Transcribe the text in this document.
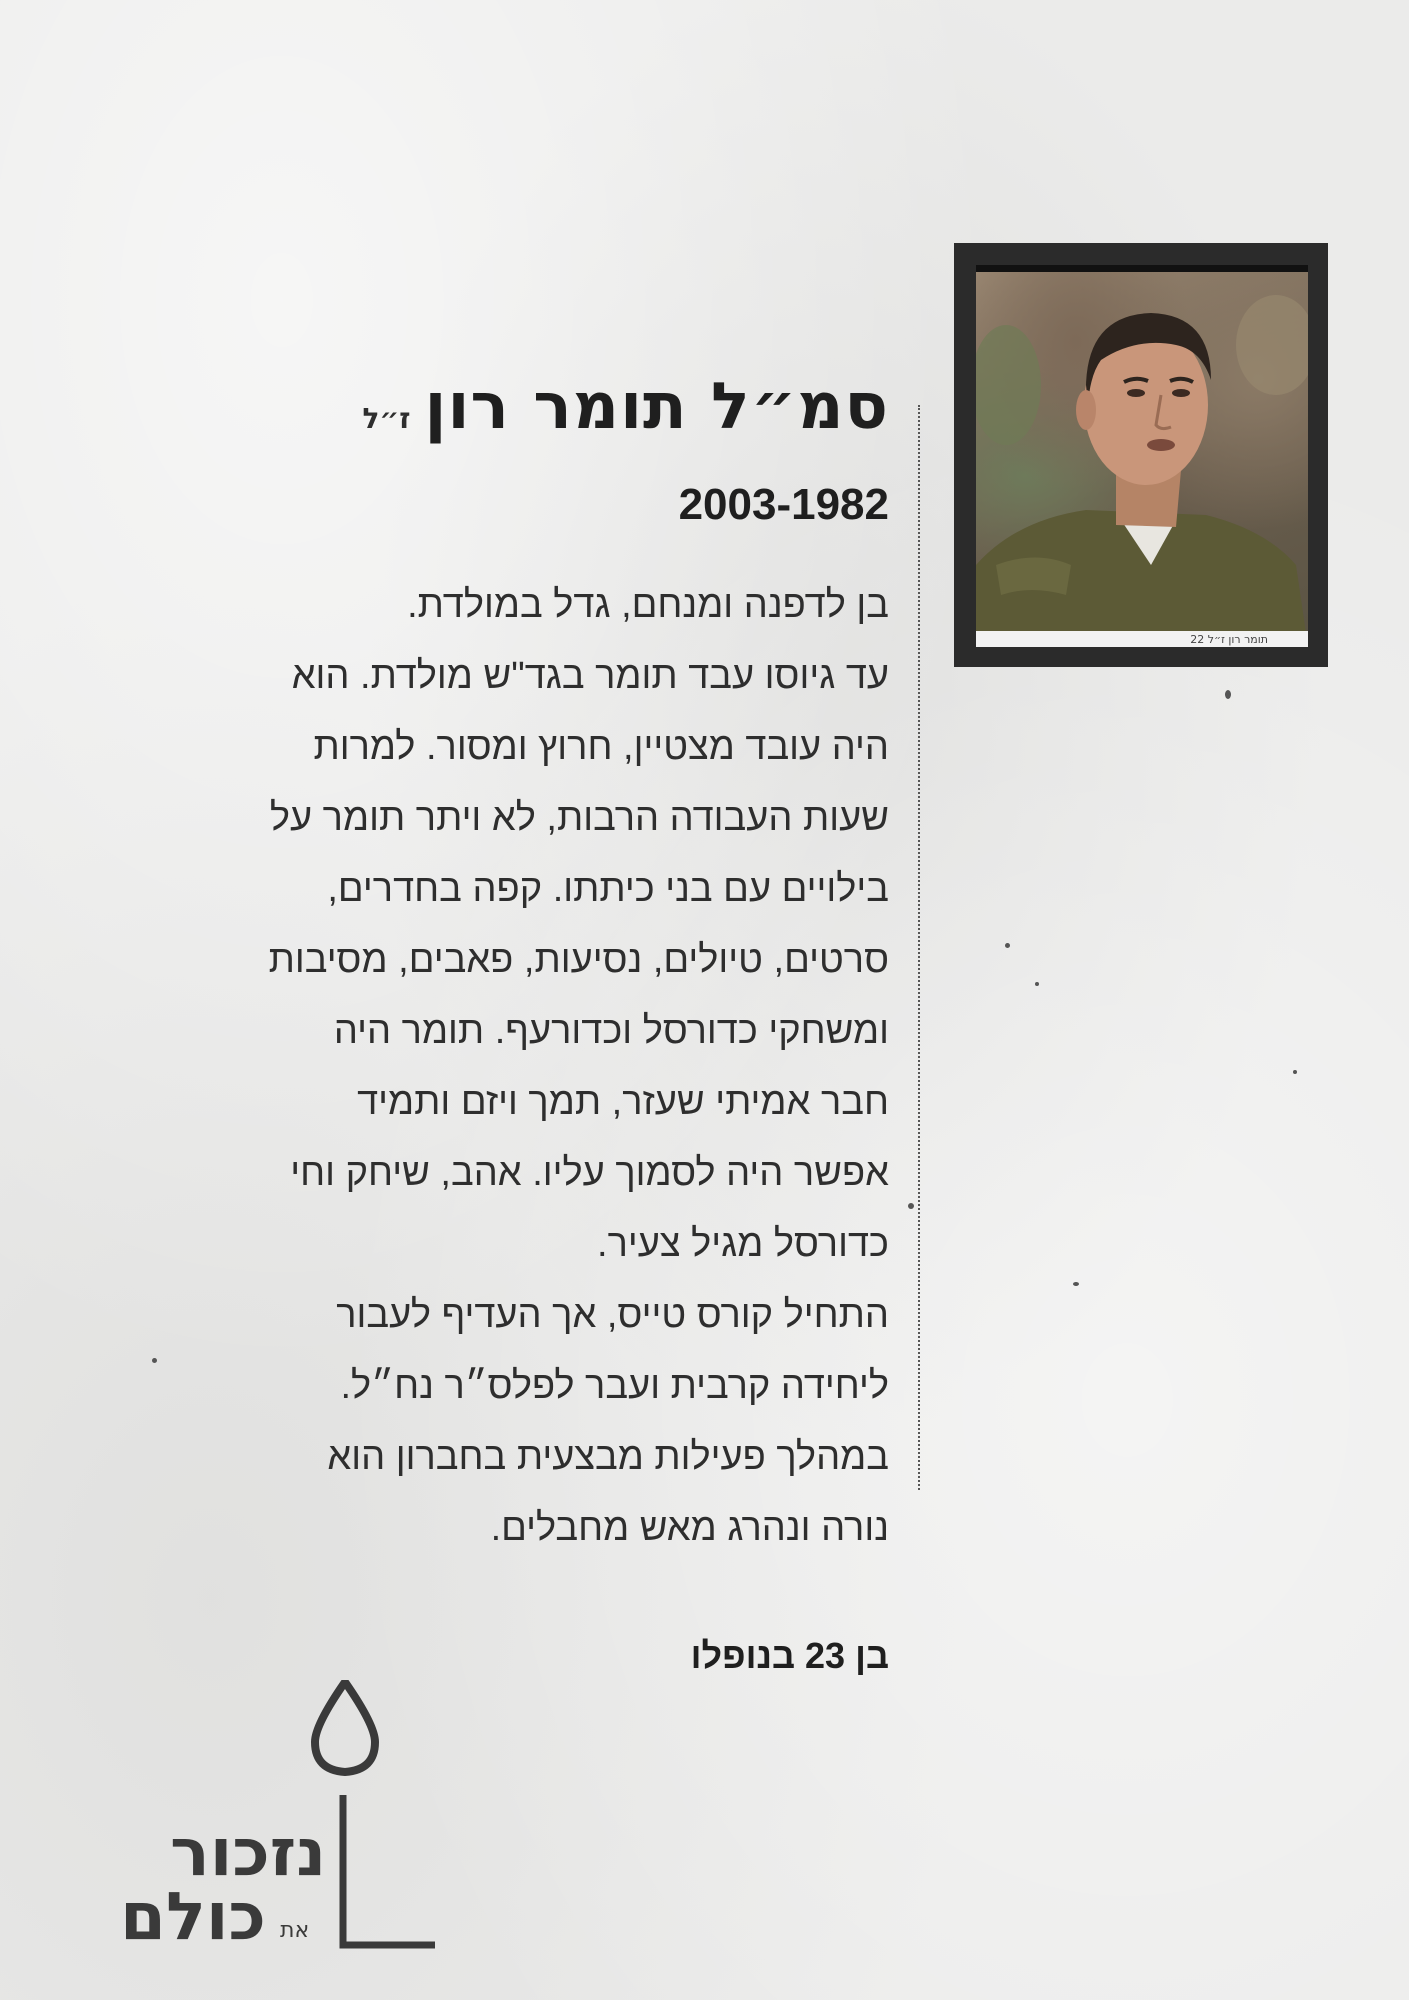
תומר רון ז״ל 22
סמ״ל תומר רוןז״ל
2003-1982
בן לדפנה ומנחם, גדל במולדת.
עד גיוסו עבד תומר בגד"ש מולדת. הוא
היה עובד מצטיין, חרוץ ומסור. למרות
שעות העבודה הרבות, לא ויתר תומר על
בילויים עם בני כיתתו. קפה בחדרים,
סרטים, טיולים, נסיעות, פאבים, מסיבות
ומשחקי כדורסל וכדורעף. תומר היה
חבר אמיתי שעזר, תמך ויזם ותמיד
אפשר היה לסמוך עליו. אהב, שיחק וחי
כדורסל מגיל צעיר.
התחיל קורס טייס, אך העדיף לעבור
ליחידה קרבית ועבר לפלס״ר נח״ל.
במהלך פעילות מבצעית בחברון הוא
נורה ונהרג מאש מחבלים.
בן 23 בנופלו
נזכור
את
כולם
